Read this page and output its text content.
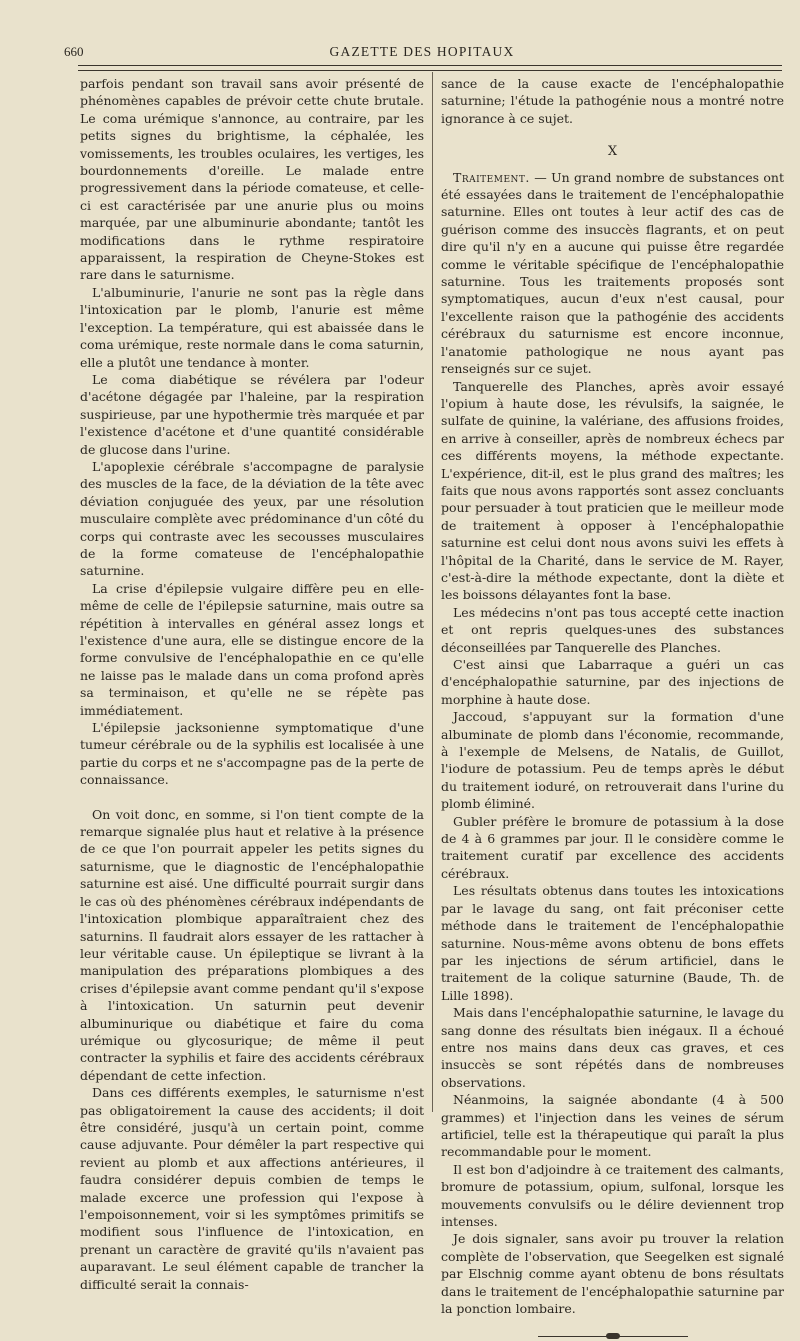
660	GAZETTE DES HOPITAUX

parfois pendant son travail sans avoir présenté de phénomènes capables de prévoir cette chute brutale. Le coma urémique s'annonce, au contraire, par les petits signes du brightisme, la céphalée, les vomissements, les troubles oculaires, les vertiges, les bourdonnements d'oreille. Le malade entre progressivement dans la période comateuse, et celle-ci est caractérisée par une anurie plus ou moins marquée, par une albuminurie abondante; tantôt les modifications dans le rythme respiratoire apparaissent, la respiration de Cheyne-Stokes est rare dans le saturnisme.

L'albuminurie, l'anurie ne sont pas la règle dans l'intoxication par le plomb, l'anurie est même l'exception. La température, qui est abaissée dans le coma urémique, reste normale dans le coma saturnin, elle a plutôt une tendance à monter.

Le coma diabétique se révélera par l'odeur d'acétone dégagée par l'haleine, par la respiration suspirieuse, par une hypothermie très marquée et par l'existence d'acétone et d'une quantité considérable de glucose dans l'urine.

L'apoplexie cérébrale s'accompagne de paralysie des muscles de la face, de la déviation de la tête avec déviation conjuguée des yeux, par une résolution musculaire complète avec prédominance d'un côté du corps qui contraste avec les secousses musculaires de la forme comateuse de l'encéphalopathie saturnine.

La crise d'épilepsie vulgaire diffère peu en elle-même de celle de l'épilepsie saturnine, mais outre sa répétition à intervalles en général assez longs et l'existence d'une aura, elle se distingue encore de la forme convulsive de l'encéphalopathie en ce qu'elle ne laisse pas le malade dans un coma profond après sa terminaison, et qu'elle ne se répète pas immédiatement.

L'épilepsie jacksonienne symptomatique d'une tumeur cérébrale ou de la syphilis est localisée à une partie du corps et ne s'accompagne pas de la perte de connaissance.

On voit donc, en somme, si l'on tient compte de la remarque signalée plus haut et relative à la présence de ce que l'on pourrait appeler les petits signes du saturnisme, que le diagnostic de l'encéphalopathie saturnine est aisé. Une difficulté pourrait surgir dans le cas où des phénomènes cérébraux indépendants de l'intoxication plombique apparaîtraient chez des saturnins. Il faudrait alors essayer de les rattacher à leur véritable cause. Un épileptique se livrant à la manipulation des préparations plombiques a des crises d'épilepsie avant comme pendant qu'il s'expose à l'intoxication. Un saturnin peut devenir albuminurique ou diabétique et faire du coma urémique ou glycosurique; de même il peut contracter la syphilis et faire des accidents cérébraux dépendant de cette infection.

Dans ces différents exemples, le saturnisme n'est pas obligatoirement la cause des accidents; il doit être considéré, jusqu'à un certain point, comme cause adjuvante. Pour démêler la part respective qui revient au plomb et aux affections antérieures, il faudra considérer depuis combien de temps le malade excerce une profession qui l'expose à l'empoisonnement, voir si les symptômes primitifs se modifient sous l'influence de l'intoxication, en prenant un caractère de gravité qu'ils n'avaient pas auparavant. Le seul élément capable de trancher la difficulté serait la connais-

sance de la cause exacte de l'encéphalopathie saturnine; l'étude la pathogénie nous a montré notre ignorance à ce sujet.

X

Traitement. — Un grand nombre de substances ont été essayées dans le traitement de l'encéphalopathie saturnine. Elles ont toutes à leur actif des cas de guérison comme des insuccès flagrants, et on peut dire qu'il n'y en a aucune qui puisse être regardée comme le véritable spécifique de l'encéphalopathie saturnine. Tous les traitements proposés sont symptomatiques, aucun d'eux n'est causal, pour l'excellente raison que la pathogénie des accidents cérébraux du saturnisme est encore inconnue, l'anatomie pathologique ne nous ayant pas renseignés sur ce sujet.

Tanquerelle des Planches, après avoir essayé l'opium à haute dose, les révulsifs, la saignée, le sulfate de quinine, la valériane, des affusions froides, en arrive à conseiller, après de nombreux échecs par ces différents moyens, la méthode expectante. L'expérience, dit-il, est le plus grand des maîtres; les faits que nous avons rapportés sont assez concluants pour persuader à tout praticien que le meilleur mode de traitement à opposer à l'encéphalopathie saturnine est celui dont nous avons suivi les effets à l'hôpital de la Charité, dans le service de M. Rayer, c'est-à-dire la méthode expectante, dont la diète et les boissons délayantes font la base.

Les médecins n'ont pas tous accepté cette inaction et ont repris quelques-unes des substances déconseillées par Tanquerelle des Planches.

C'est ainsi que Labarraque a guéri un cas d'encéphalopathie saturnine, par des injections de morphine à haute dose.

Jaccoud, s'appuyant sur la formation d'une albuminate de plomb dans l'économie, recommande, à l'exemple de Melsens, de Natalis, de Guillot, l'iodure de potassium. Peu de temps après le début du traitement ioduré, on retrouverait dans l'urine du plomb éliminé.

Gubler préfère le bromure de potassium à la dose de 4 à 6 grammes par jour. Il le considère comme le traitement curatif par excellence des accidents cérébraux.

Les résultats obtenus dans toutes les intoxications par le lavage du sang, ont fait préconiser cette méthode dans le traitement de l'encéphalopathie saturnine. Nous-même avons obtenu de bons effets par les injections de sérum artificiel, dans le traitement de la colique saturnine (Baude, Th. de Lille 1898).

Mais dans l'encéphalopathie saturnine, le lavage du sang donne des résultats bien inégaux. Il a échoué entre nos mains dans deux cas graves, et ces insuccès se sont répétés dans de nombreuses observations.

Néanmoins, la saignée abondante (4 à 500 grammes) et l'injection dans les veines de sérum artificiel, telle est la thérapeutique qui paraît la plus recommandable pour le moment.

Il est bon d'adjoindre à ce traitement des calmants, bromure de potassium, opium, sulfonal, lorsque les mouvements convulsifs ou le délire deviennent trop intenses.

Je dois signaler, sans avoir pu trouver la relation complète de l'observation, que Seegelken est signalé par Elschnig comme ayant obtenu de bons résultats dans le traitement de l'encéphalopathie saturnine par la ponction lombaire.
